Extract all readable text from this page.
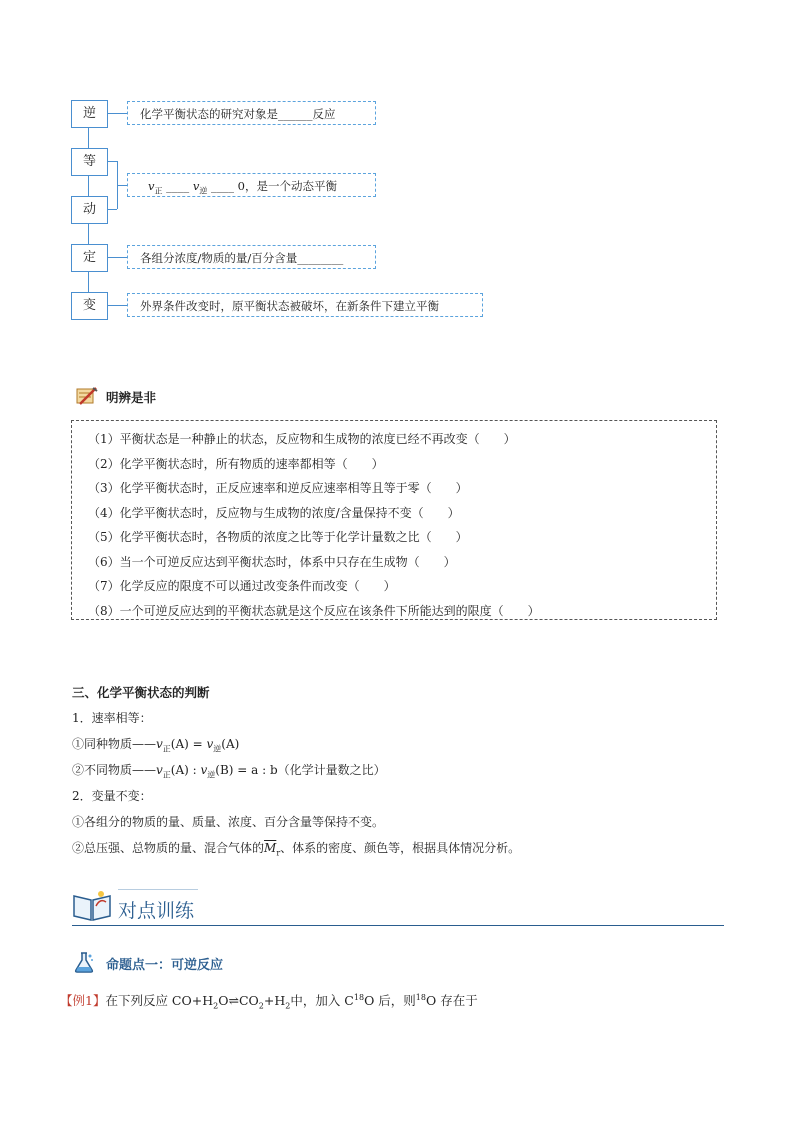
逆
等
动
定
变
化学平衡状态的研究对象是______反应
$v_正$ ____ $v_逆$ ____ 0，是一个动态平衡
各组分浓度/物质的量/百分含量________
外界条件改变时，原平衡状态被破坏，在新条件下建立平衡
明辨是非
（1）平衡状态是一种静止的状态，反应物和生成物的浓度已经不再改变（　　）
（2）化学平衡状态时，所有物质的速率都相等（　　）
（3）化学平衡状态时，正反应速率和逆反应速率相等且等于零（　　）
（4）化学平衡状态时，反应物与生成物的浓度/含量保持不变（　　）
（5）化学平衡状态时，各物质的浓度之比等于化学计量数之比（　　）
（6）当一个可逆反应达到平衡状态时，体系中只存在生成物（　　）
（7）化学反应的限度不可以通过改变条件而改变（　　）
（8）一个可逆反应达到的平衡状态就是这个反应在该条件下所能达到的限度（　　）
三、化学平衡状态的判断
1．速率相等：
①同种物质$——v_正(A) = v_逆(A)$
②不同物质$——v_正(A)$ : $v_逆(B) = a$ : b（化学计量数之比）
2．变量不变：
①各组分的物质的量、质量、浓度、百分含量等保持不变。
②总压强、总物质的量、混合气体的$\overline{M}_r$、体系的密度、颜色等，根据具体情况分析。
对点训练
命题点一：可逆反应
【例1】在下列反应 $CO+H_2O\rightleftharpoons CO_2+H_2$中，加入 $C^{18}O$ 后，则$^{18}$O 存在于
